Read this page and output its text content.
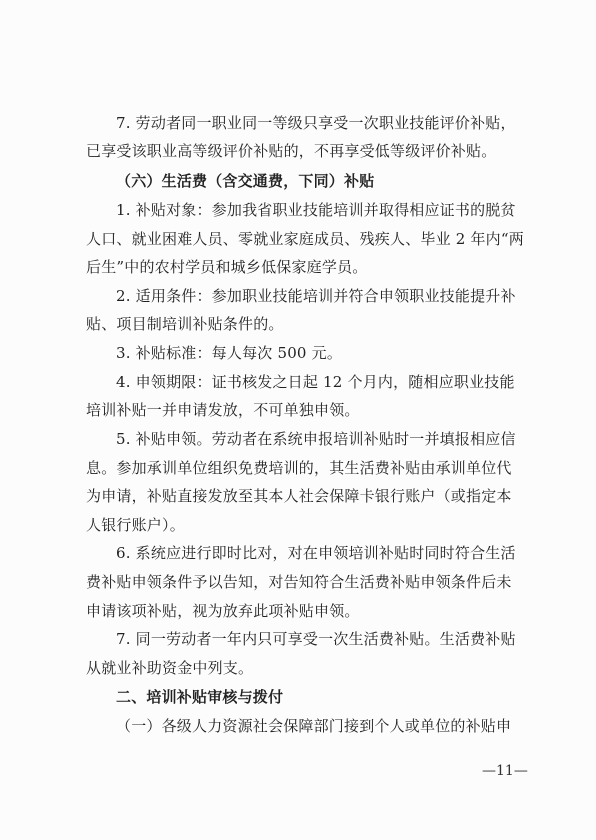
7. 劳动者同一职业同一等级只享受一次职业技能评价补贴，
已享受该职业高等级评价补贴的，不再享受低等级评价补贴。
（六）生活费（含交通费，下同）补贴
1. 补贴对象：参加我省职业技能培训并取得相应证书的脱贫
人口、就业困难人员、零就业家庭成员、残疾人、毕业 2 年内“两
后生”中的农村学员和城乡低保家庭学员。
2. 适用条件：参加职业技能培训并符合申领职业技能提升补
贴、项目制培训补贴条件的。
3. 补贴标准：每人每次 500 元。
4. 申领期限：证书核发之日起 12 个月内，随相应职业技能
培训补贴一并申请发放，不可单独申领。
5. 补贴申领。劳动者在系统申报培训补贴时一并填报相应信
息。参加承训单位组织免费培训的，其生活费补贴由承训单位代
为申请，补贴直接发放至其本人社会保障卡银行账户（或指定本
人银行账户）。
6. 系统应进行即时比对，对在申领培训补贴时同时符合生活
费补贴申领条件予以告知，对告知符合生活费补贴申领条件后未
申请该项补贴，视为放弃此项补贴申领。
7. 同一劳动者一年内只可享受一次生活费补贴。生活费补贴
从就业补助资金中列支。
二、培训补贴审核与拨付
（一）各级人力资源社会保障部门接到个人或单位的补贴申
—11—
